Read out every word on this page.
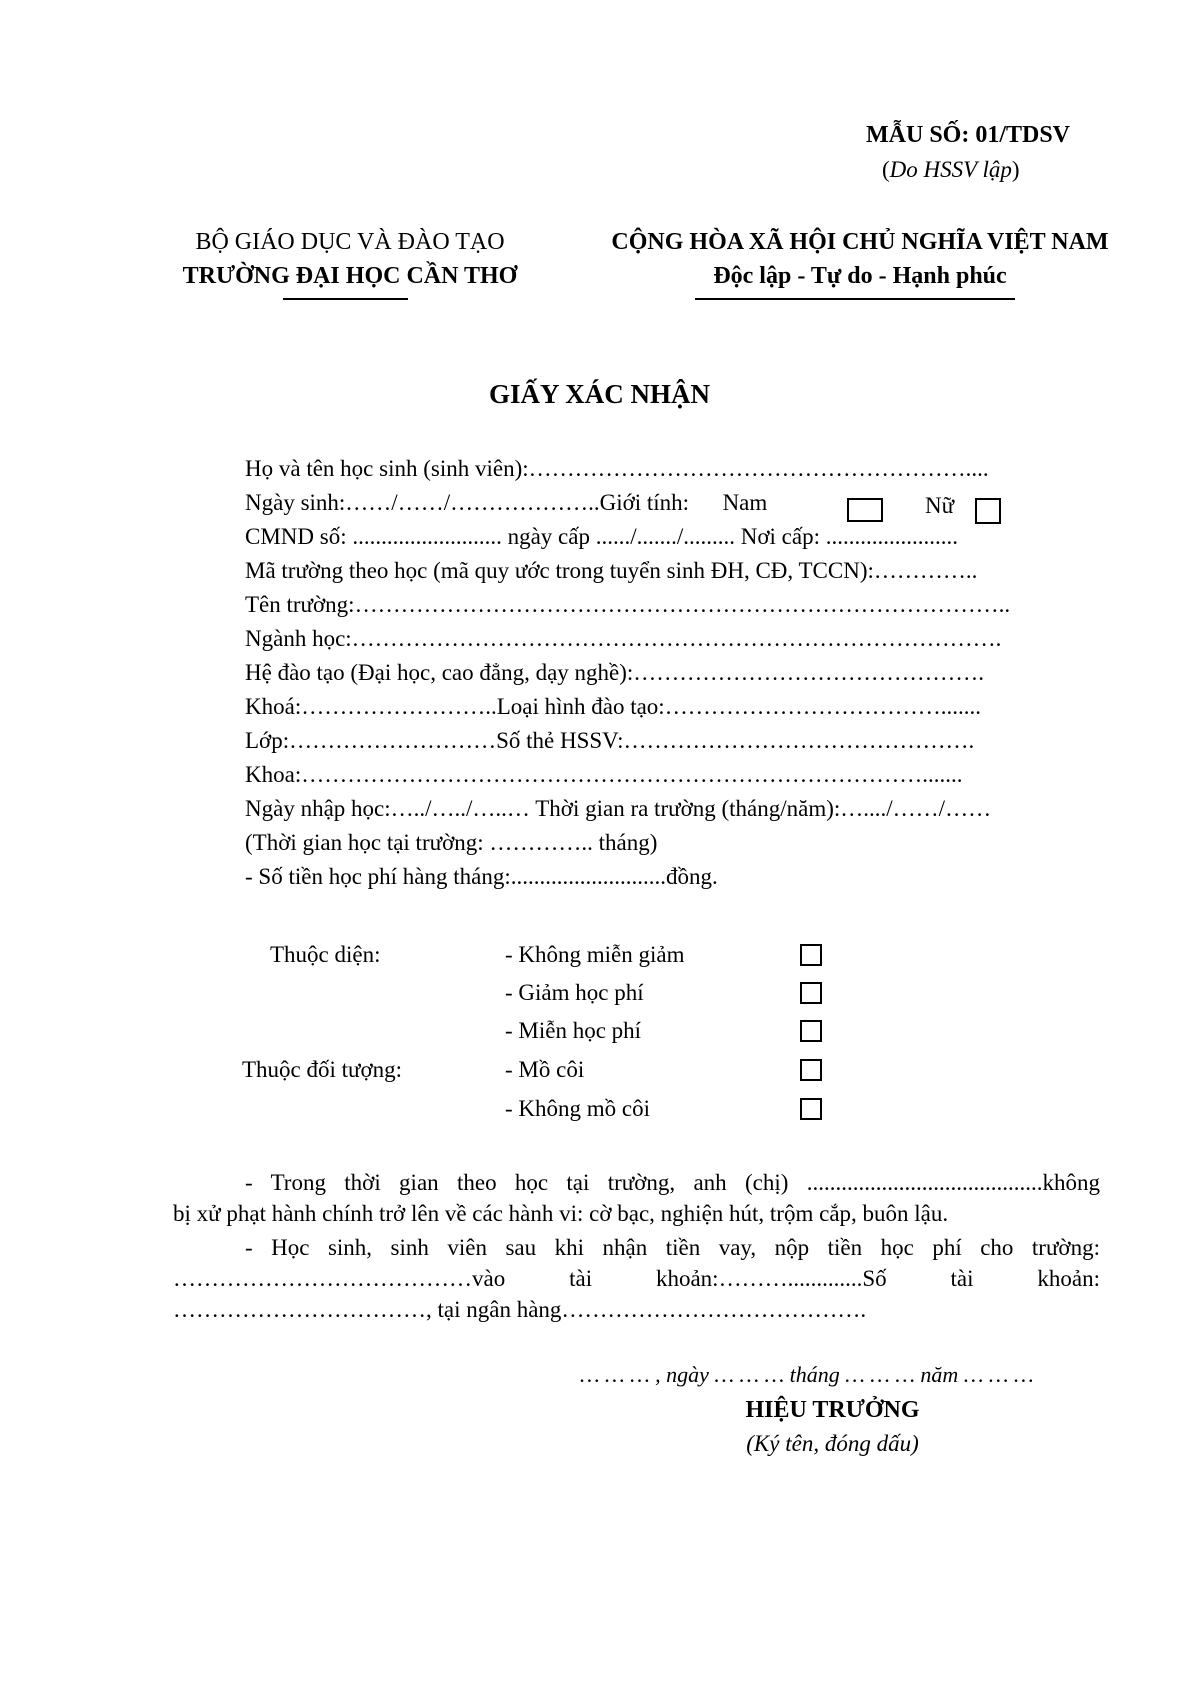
MẪU SỐ: 01/TDSV
(Do HSSV lập)
BỘ GIÁO DỤC VÀ ĐÀO TẠO
TRƯỜNG ĐẠI HỌC CẦN THƠ
CỘNG HÒA XÃ HỘI CHỦ NGHĨA VIỆT NAM
Độc lập - Tự do - Hạnh phúc
GIẤY XÁC NHẬN
Họ và tên học sinh (sinh viên):…………………………………………………....
Ngày sinh:……/……/………………..Giới tính: Nam	Nữ
CMND số: .......................... ngày cấp ....../......./......... Nơi cấp: .......................
Mã trường theo học (mã quy ước trong tuyển sinh ĐH, CĐ, TCCN):…………..
Tên trường:…………………………………………………………………………..
Ngành học:………………………………………………………………………….
Hệ đào tạo (Đại học, cao đẳng, dạy nghề):……………………………………….
Khoá:……………………..Loại hình đào tạo:……………………………….......
Lớp:………………………Số thẻ HSSV:……………………………………….
Khoa:……………………………………………………………………….......
Ngày nhập học:…../…../…..… Thời gian ra trường (tháng/năm):…..../……/……
(Thời gian học tại trường: ………….. tháng)
- Số tiền học phí hàng tháng:...........................đồng.
Thuộc diện:
Thuộc đối tượng:
- Không miễn giảm
- Giảm học phí
- Miễn học phí
- Mồ côi
- Không mồ côi
- Trong thời gian theo học tại trường, anh (chị) .........................................không
bị xử phạt hành chính trở lên về các hành vi: cờ bạc, nghiện hút, trộm cắp, buôn lậu.
- Học sinh, sinh viên sau khi nhận tiền vay, nộp tiền học phí cho trường:
…………………………………vào tài khoản:……….............Số tài khoản:
……………………………, tại ngân hàng………………………………….
… … … , ngày … … … tháng … … … năm … … …
HIỆU TRƯỞNG
(Ký tên, đóng dấu)
